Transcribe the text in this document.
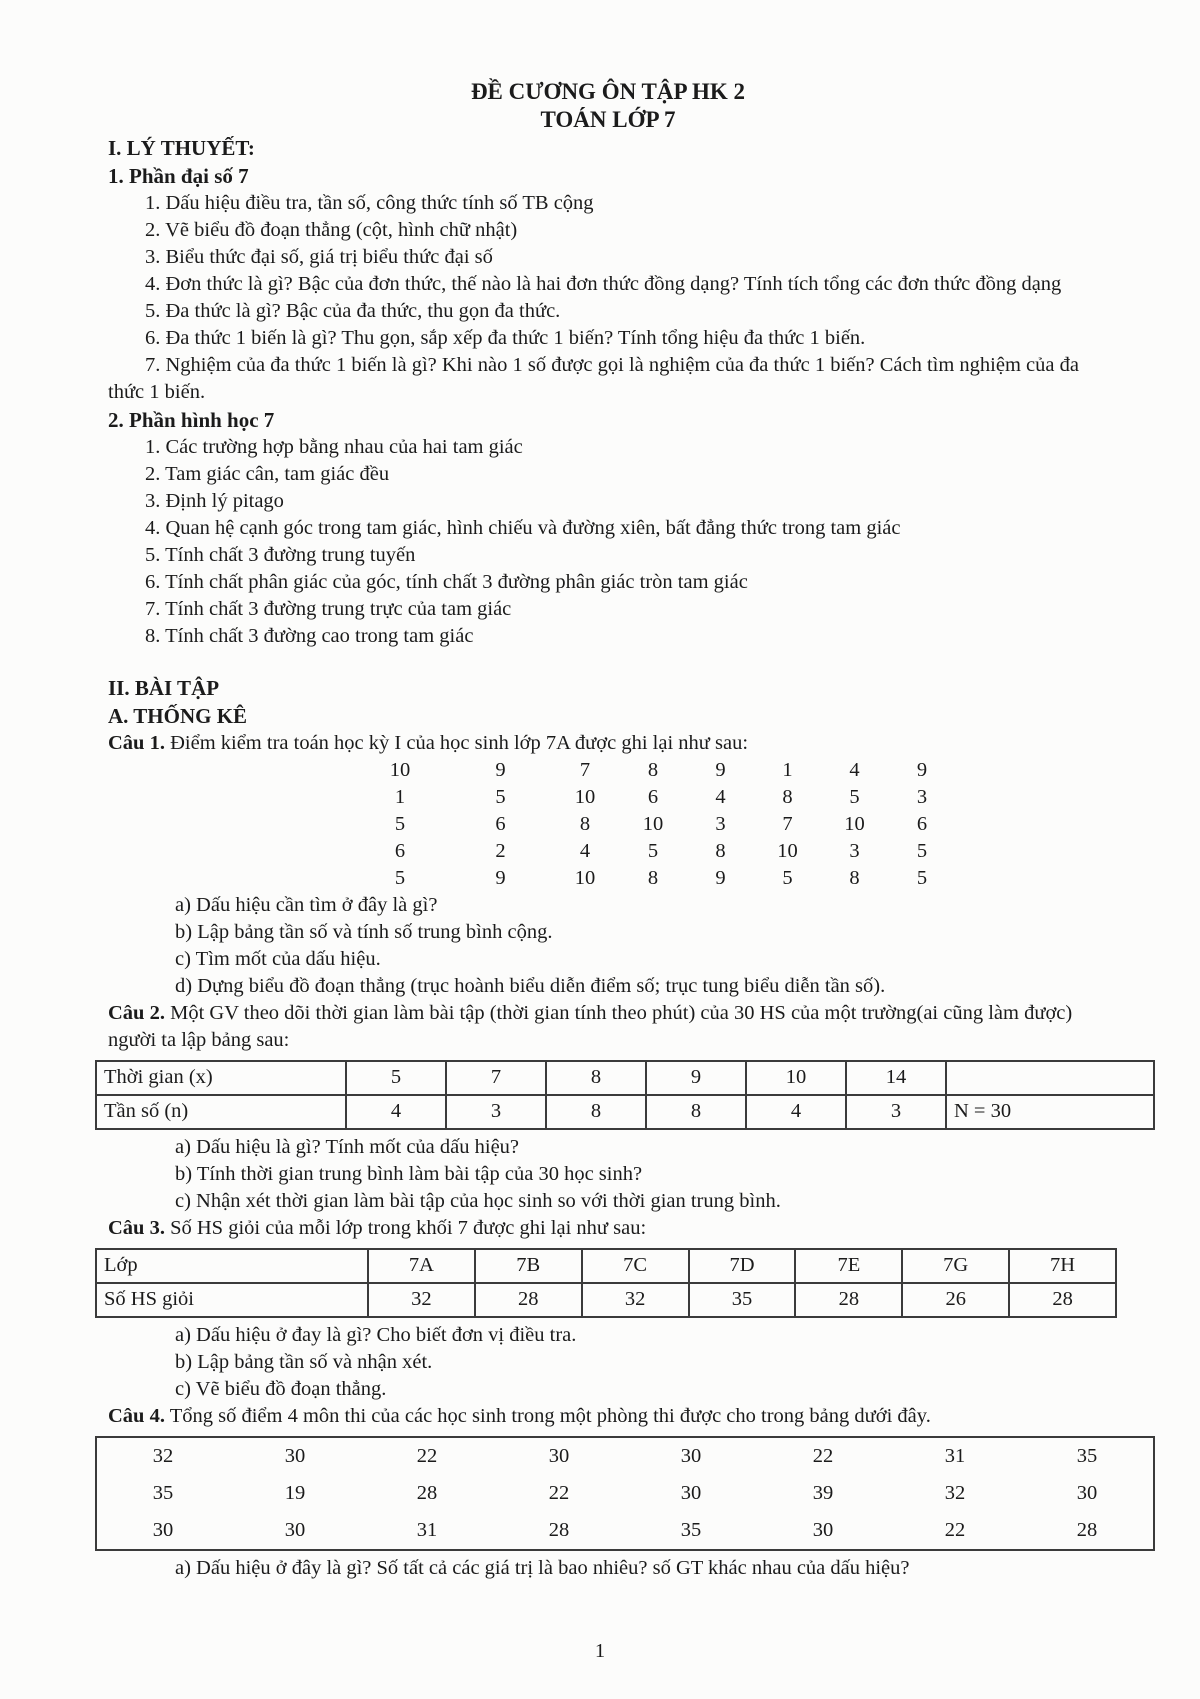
ĐỀ CƯƠNG ÔN TẬP HK 2
TOÁN LỚP 7
I. LÝ THUYẾT:
1. Phần đại số 7

1. Dấu hiệu điều tra, tần số, công thức tính số TB cộng

2. Vẽ biểu đồ đoạn thẳng (cột, hình chữ nhật)

3. Biểu thức đại số, giá trị biểu thức đại số

4. Đơn thức là gì? Bậc của đơn thức, thế nào là hai đơn thức đồng dạng? Tính tích tổng các đơn thức đồng dạng

5. Đa thức là gì? Bậc của đa thức, thu gọn đa thức.

6. Đa thức 1 biến là gì? Thu gọn, sắp xếp đa thức 1 biến? Tính tổng hiệu đa thức 1 biến.

7. Nghiệm của đa thức 1 biến là gì? Khi nào 1 số được gọi là nghiệm của đa thức 1 biến? Cách tìm nghiệm của đa thức 1 biến.

2. Phần hình học 7

1. Các trường hợp bằng nhau của hai tam giác

2. Tam giác cân, tam giác đều

3. Định lý pitago

4. Quan hệ cạnh góc trong tam giác, hình chiếu và đường xiên, bất đẳng thức trong tam giác

5. Tính chất 3 đường trung tuyến

6. Tính chất phân giác của góc, tính chất 3 đường phân giác tròn tam giác

7. Tính chất 3 đường trung trực của tam giác

8. Tính chất 3 đường cao trong tam giác

II. BÀI TẬP
A. THỐNG KÊ

Câu 1. Điểm kiểm tra toán học kỳ I của học sinh lớp 7A được ghi lại như sau:

10	9	7	8	9	1	4	9
1	5	10	6	4	8	5	3
5	6	8	10	3	7	10	6
6	2	4	5	8	10	3	5
5	9	10	8	9	5	8	5

a) Dấu hiệu cần tìm ở đây là gì?

b) Lập bảng tần số và tính số trung bình cộng.

c) Tìm mốt của dấu hiệu.

d) Dựng biểu đồ đoạn thẳng (trục hoành biểu diễn điểm số; trục tung biểu diễn tần số).

Câu 2. Một GV theo dõi thời gian làm bài tập (thời gian tính theo phút) của 30 HS của một trường(ai cũng làm được) người ta lập bảng sau:

Thời gian (x)	5	7	8	9	10	14
Tần số (n)	4	3	8	8	4	3	N = 30

a) Dấu hiệu là gì? Tính mốt của dấu hiệu?

b) Tính thời gian trung bình làm bài tập của 30 học sinh?

c) Nhận xét thời gian làm bài tập của học sinh so với thời gian trung bình.

Câu 3. Số HS giỏi của mỗi lớp trong khối 7 được ghi lại như sau:

Lớp	7A	7B	7C	7D	7E	7G	7H
Số HS giỏi	32	28	32	35	28	26	28

a) Dấu hiệu ở đay là gì? Cho biết đơn vị điều tra.

b) Lập bảng tần số và nhận xét.

c) Vẽ biểu đồ đoạn thẳng.

Câu 4. Tổng số điểm 4 môn thi của các học sinh trong một phòng thi được cho trong bảng dưới đây.

32	30	22	30	30	22	31	35
35	19	28	22	30	39	32	30
30	30	31	28	35	30	22	28

a) Dấu hiệu ở đây là gì? Số tất cả các giá trị là bao nhiêu? số GT khác nhau của dấu hiệu?

1
